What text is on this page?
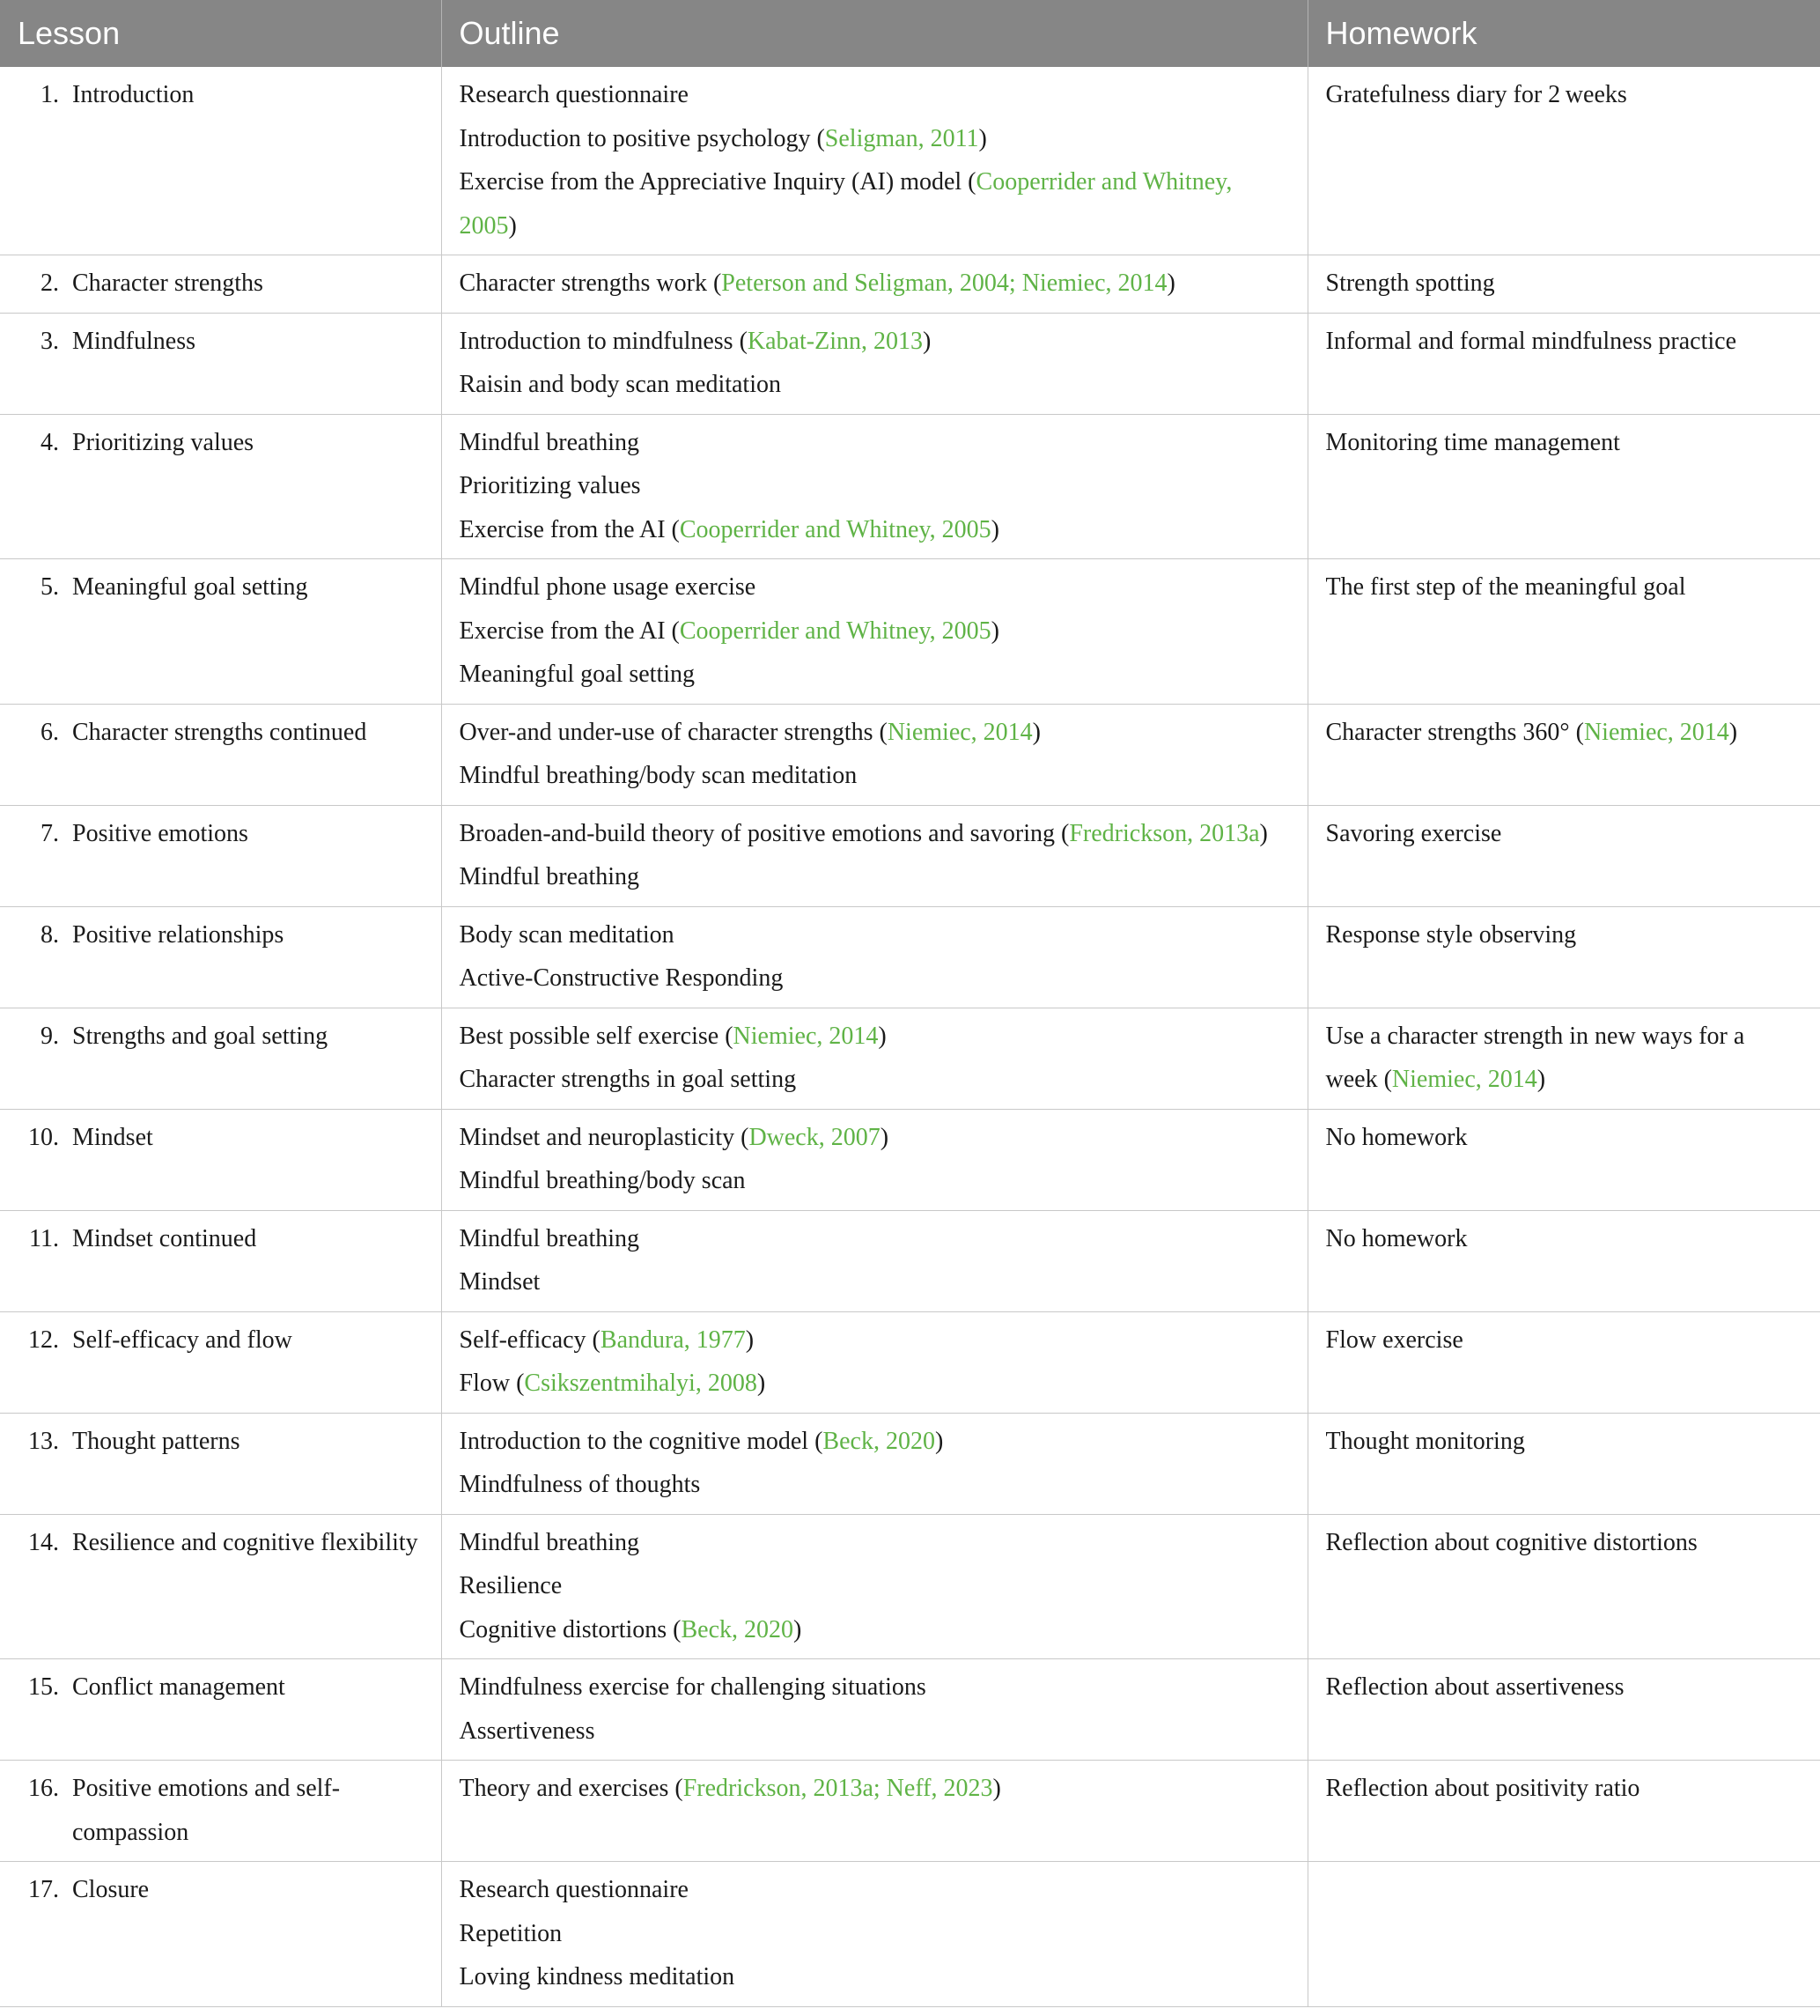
Lesson	Outline	Homework

1. Introduction	Research questionnaire
Introduction to positive psychology (Seligman, 2011)
Exercise from the Appreciative Inquiry (AI) model (Cooperrider and Whitney, 2005)	Gratefulness diary for 2 weeks

2. Character strengths	Character strengths work (Peterson and Seligman, 2004; Niemiec, 2014)	Strength spotting

3. Mindfulness	Introduction to mindfulness (Kabat-Zinn, 2013)
Raisin and body scan meditation	Informal and formal mindfulness practice

4. Prioritizing values	Mindful breathing
Prioritizing values
Exercise from the AI (Cooperrider and Whitney, 2005)	Monitoring time management

5. Meaningful goal setting	Mindful phone usage exercise
Exercise from the AI (Cooperrider and Whitney, 2005)
Meaningful goal setting	The first step of the meaningful goal

6. Character strengths continued	Over-and under-use of character strengths (Niemiec, 2014)
Mindful breathing/body scan meditation	Character strengths 360° (Niemiec, 2014)

7. Positive emotions	Broaden-and-build theory of positive emotions and savoring (Fredrickson, 2013a)
Mindful breathing	Savoring exercise

8. Positive relationships	Body scan meditation
Active-Constructive Responding	Response style observing

9. Strengths and goal setting	Best possible self exercise (Niemiec, 2014)
Character strengths in goal setting	Use a character strength in new ways for a week (Niemiec, 2014)

10. Mindset	Mindset and neuroplasticity (Dweck, 2007)
Mindful breathing/body scan	No homework

11. Mindset continued	Mindful breathing
Mindset	No homework

12. Self-efficacy and flow	Self-efficacy (Bandura, 1977)
Flow (Csikszentmihalyi, 2008)	Flow exercise

13. Thought patterns	Introduction to the cognitive model (Beck, 2020)
Mindfulness of thoughts	Thought monitoring

14. Resilience and cognitive flexibility	Mindful breathing
Resilience
Cognitive distortions (Beck, 2020)	Reflection about cognitive distortions

15. Conflict management	Mindfulness exercise for challenging situations
Assertiveness	Reflection about assertiveness

16. Positive emotions and self-compassion	Theory and exercises (Fredrickson, 2013a; Neff, 2023)	Reflection about positivity ratio

17. Closure	Research questionnaire
Repetition
Loving kindness meditation	
